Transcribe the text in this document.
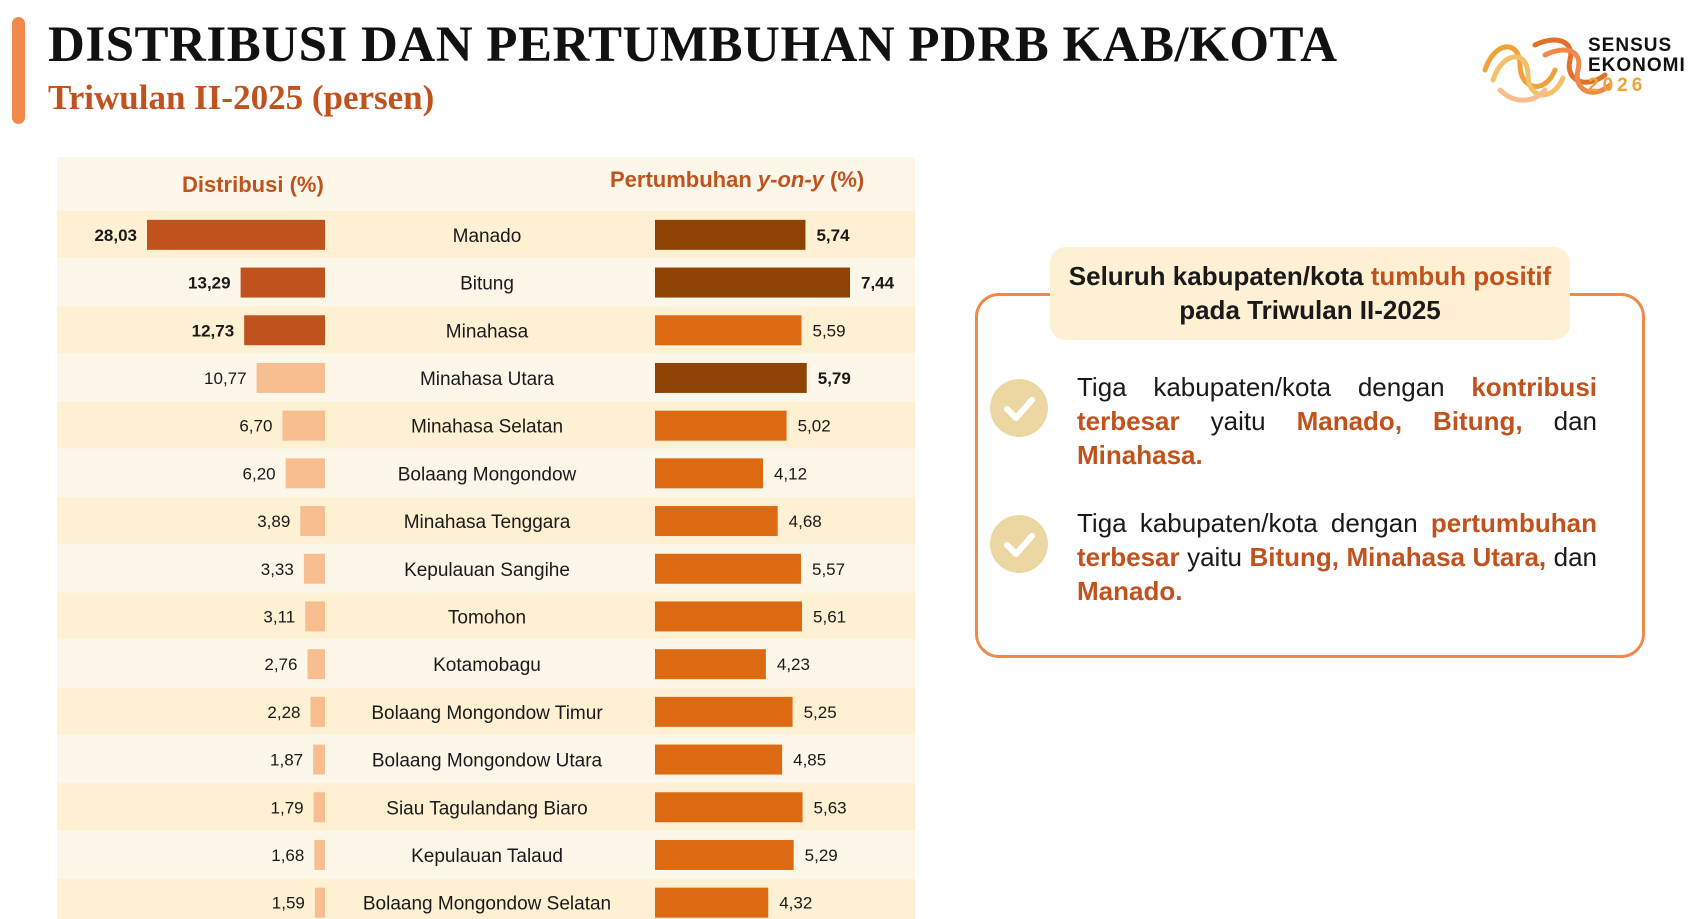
DISTRIBUSI DAN PERTUMBUHAN PDRB KAB/KOTA
Triwulan II-2025 (persen)
SENSUS
EKONOMI
2026
Distribusi (%)	Pertumbuhan y-on-y (%)
28,03	Manado	5,74
13,29	Bitung	7,44
12,73	Minahasa	5,59
10,77	Minahasa Utara	5,79
6,70	Minahasa Selatan	5,02
6,20	Bolaang Mongondow	4,12
3,89	Minahasa Tenggara	4,68
3,33	Kepulauan Sangihe	5,57
3,11	Tomohon	5,61
2,76	Kotamobagu	4,23
2,28	Bolaang Mongondow Timur	5,25
1,87	Bolaang Mongondow Utara	4,85
1,79	Siau Tagulandang Biaro	5,63
1,68	Kepulauan Talaud	5,29
1,59	Bolaang Mongondow Selatan	4,32
Seluruh kabupaten/kota tumbuh positif pada Triwulan II-2025
Tiga kabupaten/kota dengan kontribusi terbesar yaitu Manado, Bitung, dan Minahasa.
Tiga kabupaten/kota dengan pertumbuhan terbesar yaitu Bitung, Minahasa Utara, dan Manado.
